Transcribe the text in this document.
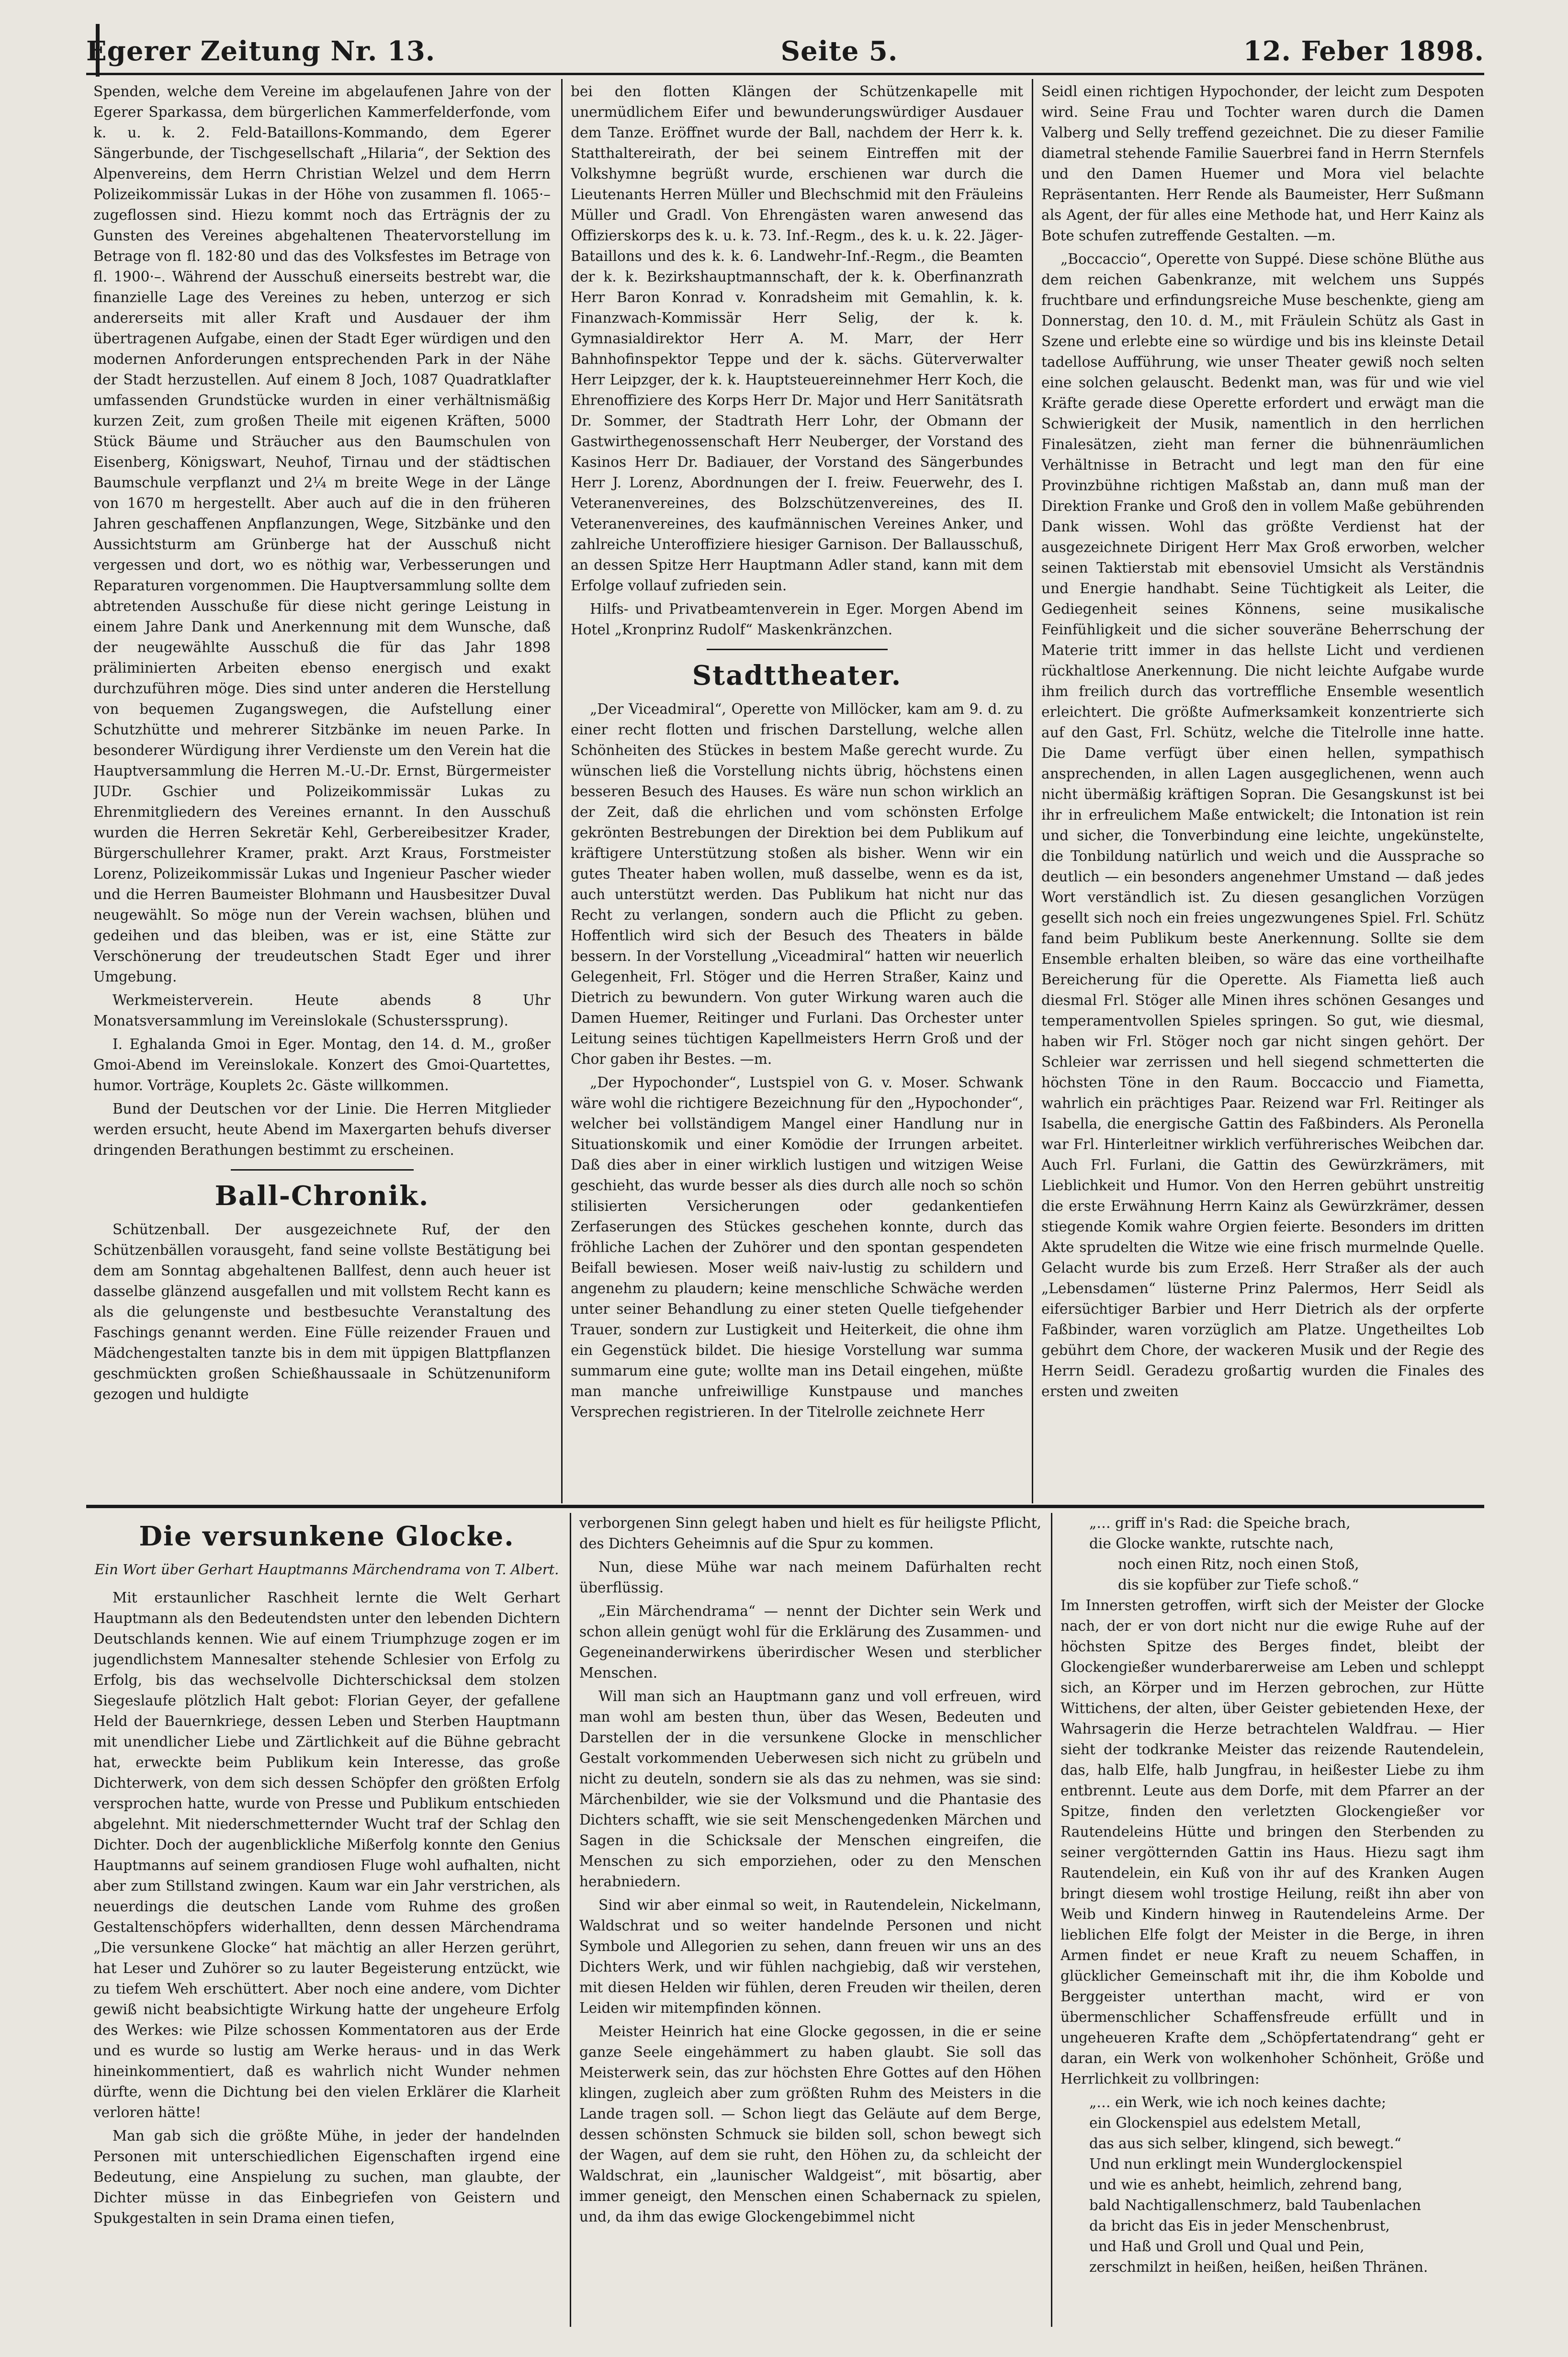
Egerer Zeitung Nr. 13.	Seite 5.	12. Feber 1898.

Spenden, welche dem Vereine im abgelaufenen Jahre von der Egerer Sparkassa, dem bürgerlichen Kammerfelderfonde, vom k. u. k. 2. Feld-Bataillons-Kommando, dem Egerer Sängerbunde, der Tischgesellschaft „Hilaria“, der Sektion des Alpenvereins, dem Herrn Christian Welzel und dem Herrn Polizeikommissär Lukas in der Höhe von zusammen fl. 1065·– zugeflossen sind. Hiezu kommt noch das Erträgnis der zu Gunsten des Vereines abgehaltenen Theatervorstellung im Betrage von fl. 182·80 und das des Volksfestes im Betrage von fl. 1900·–. Während der Ausschuß einerseits bestrebt war, die finanzielle Lage des Vereines zu heben, unterzog er sich andererseits mit aller Kraft und Ausdauer der ihm übertragenen Aufgabe, einen der Stadt Eger würdigen und den modernen Anforderungen entsprechenden Park in der Nähe der Stadt herzustellen. Auf einem 8 Joch, 1087 Quadratklafter umfassenden Grundstücke wurden in einer verhältnismäßig kurzen Zeit, zum großen Theile mit eigenen Kräften, 5000 Stück Bäume und Sträucher aus den Baumschulen von Eisenberg, Königswart, Neuhof, Tirnau und der städtischen Baumschule verpflanzt und 2¼ m breite Wege in der Länge von 1670 m hergestellt. Aber auch auf die in den früheren Jahren geschaffenen Anpflanzungen, Wege, Sitzbänke und den Aussichtsturm am Grünberge hat der Ausschuß nicht vergessen und dort, wo es nöthig war, Verbesserungen und Reparaturen vorgenommen. Die Hauptversammlung sollte dem abtretenden Ausschuße für diese nicht geringe Leistung in einem Jahre Dank und Anerkennung mit dem Wunsche, daß der neugewählte Ausschuß die für das Jahr 1898 präliminierten Arbeiten ebenso energisch und exakt durchzuführen möge. Dies sind unter anderen die Herstellung von bequemen Zugangswegen, die Aufstellung einer Schutzhütte und mehrerer Sitzbänke im neuen Parke. In besonderer Würdigung ihrer Verdienste um den Verein hat die Hauptversammlung die Herren M.-U.-Dr. Ernst, Bürgermeister JUDr. Gschier und Polizeikommissär Lukas zu Ehrenmitgliedern des Vereines ernannt. In den Ausschuß wurden die Herren Sekretär Kehl, Gerbereibesitzer Krader, Bürgerschullehrer Kramer, prakt. Arzt Kraus, Forstmeister Lorenz, Polizeikommissär Lukas und Ingenieur Pascher wieder und die Herren Baumeister Blohmann und Hausbesitzer Duval neugewählt. So möge nun der Verein wachsen, blühen und gedeihen und das bleiben, was er ist, eine Stätte zur Verschönerung der treudeutschen Stadt Eger und ihrer Umgebung.

Werkmeisterverein. Heute abends 8 Uhr Monatsversammlung im Vereinslokale (Schusterssprung).

I. Eghalanda Gmoi in Eger. Montag, den 14. d. M., großer Gmoi-Abend im Vereinslokale. Konzert des Gmoi-Quartettes, humor. Vorträge, Kouplets 2c. Gäste willkommen.

Bund der Deutschen vor der Linie. Die Herren Mitglieder werden ersucht, heute Abend im Maxergarten behufs diverser dringenden Berathungen bestimmt zu erscheinen.

Ball-Chronik.

Schützenball. Der ausgezeichnete Ruf, der den Schützenbällen vorausgeht, fand seine vollste Bestätigung bei dem am Sonntag abgehaltenen Ballfest, denn auch heuer ist dasselbe glänzend ausgefallen und mit vollstem Recht kann es als die gelungenste und bestbesuchte Veranstaltung des Faschings genannt werden. Eine Fülle reizender Frauen und Mädchengestalten tanzte bis in dem mit üppigen Blattpflanzen geschmückten großen Schießhaussaale in Schützenuniform gezogen und huldigte

bei den flotten Klängen der Schützenkapelle mit unermüdlichem Eifer und bewunderungswürdiger Ausdauer dem Tanze. Eröffnet wurde der Ball, nachdem der Herr k. k. Statthaltereirath, der bei seinem Eintreffen mit der Volkshymne begrüßt wurde, erschienen war durch die Lieutenants Herren Müller und Blechschmid mit den Fräuleins Müller und Gradl. Von Ehrengästen waren anwesend das Offizierskorps des k. u. k. 73. Inf.-Regm., des k. u. k. 22. Jäger-Bataillons und des k. k. 6. Landwehr-Inf.-Regm., die Beamten der k. k. Bezirkshauptmannschaft, der k. k. Oberfinanzrath Herr Baron Konrad v. Konradsheim mit Gemahlin, k. k. Finanzwach-Kommissär Herr Selig, der k. k. Gymnasialdirektor Herr A. M. Marr, der Herr Bahnhofinspektor Teppe und der k. sächs. Güterverwalter Herr Leipzger, der k. k. Hauptsteuereinnehmer Herr Koch, die Ehrenoffiziere des Korps Herr Dr. Major und Herr Sanitätsrath Dr. Sommer, der Stadtrath Herr Lohr, der Obmann der Gastwirthegenossenschaft Herr Neuberger, der Vorstand des Kasinos Herr Dr. Badiauer, der Vorstand des Sängerbundes Herr J. Lorenz, Abordnungen der I. freiw. Feuerwehr, des I. Veteranenvereines, des Bolzschützenvereines, des II. Veteranenvereines, des kaufmännischen Vereines Anker, und zahlreiche Unteroffiziere hiesiger Garnison. Der Ballausschuß, an dessen Spitze Herr Hauptmann Adler stand, kann mit dem Erfolge vollauf zufrieden sein.

Hilfs- und Privatbeamtenverein in Eger. Morgen Abend im Hotel „Kronprinz Rudolf“ Maskenkränzchen.

Stadttheater.

„Der Viceadmiral“, Operette von Millöcker, kam am 9. d. zu einer recht flotten und frischen Darstellung, welche allen Schönheiten des Stückes in bestem Maße gerecht wurde. Zu wünschen ließ die Vorstellung nichts übrig, höchstens einen besseren Besuch des Hauses. Es wäre nun schon wirklich an der Zeit, daß die ehrlichen und vom schönsten Erfolge gekrönten Bestrebungen der Direktion bei dem Publikum auf kräftigere Unterstützung stoßen als bisher. Wenn wir ein gutes Theater haben wollen, muß dasselbe, wenn es da ist, auch unterstützt werden. Das Publikum hat nicht nur das Recht zu verlangen, sondern auch die Pflicht zu geben. Hoffentlich wird sich der Besuch des Theaters in bälde bessern. In der Vorstellung „Viceadmiral“ hatten wir neuerlich Gelegenheit, Frl. Stöger und die Herren Straßer, Kainz und Dietrich zu bewundern. Von guter Wirkung waren auch die Damen Huemer, Reitinger und Furlani. Das Orchester unter Leitung seines tüchtigen Kapellmeisters Herrn Groß und der Chor gaben ihr Bestes. —m.

„Der Hypochonder“, Lustspiel von G. v. Moser. Schwank wäre wohl die richtigere Bezeichnung für den „Hypochonder“, welcher bei vollständigem Mangel einer Handlung nur in Situationskomik und einer Komödie der Irrungen arbeitet. Daß dies aber in einer wirklich lustigen und witzigen Weise geschieht, das wurde besser als dies durch alle noch so schön stilisierten Versicherungen oder gedankentiefen Zerfaserungen des Stückes geschehen konnte, durch das fröhliche Lachen der Zuhörer und den spontan gespendeten Beifall bewiesen. Moser weiß naiv-lustig zu schildern und angenehm zu plaudern; keine menschliche Schwäche werden unter seiner Behandlung zu einer steten Quelle tiefgehender Trauer, sondern zur Lustigkeit und Heiterkeit, die ohne ihm ein Gegenstück bildet. Die hiesige Vorstellung war summa summarum eine gute; wollte man ins Detail eingehen, müßte man manche unfreiwillige Kunstpause und manches Versprechen registrieren. In der Titelrolle zeichnete Herr

Seidl einen richtigen Hypochonder, der leicht zum Despoten wird. Seine Frau und Tochter waren durch die Damen Valberg und Selly treffend gezeichnet. Die zu dieser Familie diametral stehende Familie Sauerbrei fand in Herrn Sternfels und den Damen Huemer und Mora viel belachte Repräsentanten. Herr Rende als Baumeister, Herr Sußmann als Agent, der für alles eine Methode hat, und Herr Kainz als Bote schufen zutreffende Gestalten. —m.

„Boccaccio“, Operette von Suppé. Diese schöne Blüthe aus dem reichen Gabenkranze, mit welchem uns Suppés fruchtbare und erfindungsreiche Muse beschenkte, gieng am Donnerstag, den 10. d. M., mit Fräulein Schütz als Gast in Szene und erlebte eine so würdige und bis ins kleinste Detail tadellose Aufführung, wie unser Theater gewiß noch selten eine solchen gelauscht. Bedenkt man, was für und wie viel Kräfte gerade diese Operette erfordert und erwägt man die Schwierigkeit der Musik, namentlich in den herrlichen Finalesätzen, zieht man ferner die bühnenräumlichen Verhältnisse in Betracht und legt man den für eine Provinzbühne richtigen Maßstab an, dann muß man der Direktion Franke und Groß den in vollem Maße gebührenden Dank wissen. Wohl das größte Verdienst hat der ausgezeichnete Dirigent Herr Max Groß erworben, welcher seinen Taktierstab mit ebensoviel Umsicht als Verständnis und Energie handhabt. Seine Tüchtigkeit als Leiter, die Gediegenheit seines Könnens, seine musikalische Feinfühligkeit und die sicher souveräne Beherrschung der Materie tritt immer in das hellste Licht und verdienen rückhaltlose Anerkennung. Die nicht leichte Aufgabe wurde ihm freilich durch das vortreffliche Ensemble wesentlich erleichtert. Die größte Aufmerksamkeit konzentrierte sich auf den Gast, Frl. Schütz, welche die Titelrolle inne hatte. Die Dame verfügt über einen hellen, sympathisch ansprechenden, in allen Lagen ausgeglichenen, wenn auch nicht übermäßig kräftigen Sopran. Die Gesangskunst ist bei ihr in erfreulichem Maße entwickelt; die Intonation ist rein und sicher, die Tonverbindung eine leichte, ungekünstelte, die Tonbildung natürlich und weich und die Aussprache so deutlich — ein besonders angenehmer Umstand — daß jedes Wort verständlich ist. Zu diesen gesanglichen Vorzügen gesellt sich noch ein freies ungezwungenes Spiel. Frl. Schütz fand beim Publikum beste Anerkennung. Sollte sie dem Ensemble erhalten bleiben, so wäre das eine vortheilhafte Bereicherung für die Operette. Als Fiametta ließ auch diesmal Frl. Stöger alle Minen ihres schönen Gesanges und temperamentvollen Spieles springen. So gut, wie diesmal, haben wir Frl. Stöger noch gar nicht singen gehört. Der Schleier war zerrissen und hell siegend schmetterten die höchsten Töne in den Raum. Boccaccio und Fiametta, wahrlich ein prächtiges Paar. Reizend war Frl. Reitinger als Isabella, die energische Gattin des Faßbinders. Als Peronella war Frl. Hinterleitner wirklich verführerisches Weibchen dar. Auch Frl. Furlani, die Gattin des Gewürzkrämers, mit Lieblichkeit und Humor. Von den Herren gebührt unstreitig die erste Erwähnung Herrn Kainz als Gewürzkrämer, dessen stiegende Komik wahre Orgien feierte. Besonders im dritten Akte sprudelten die Witze wie eine frisch murmelnde Quelle. Gelacht wurde bis zum Erzeß. Herr Straßer als der auch „Lebensdamen“ lüsterne Prinz Palermos, Herr Seidl als eifersüchtiger Barbier und Herr Dietrich als der orpferte Faßbinder, waren vorzüglich am Platze. Ungetheiltes Lob gebührt dem Chore, der wackeren Musik und der Regie des Herrn Seidl. Geradezu großartig wurden die Finales des ersten und zweiten

Die versunkene Glocke.
Ein Wort über Gerhart Hauptmanns Märchendrama von T. Albert.

Mit erstaunlicher Raschheit lernte die Welt Gerhart Hauptmann als den Bedeutendsten unter den lebenden Dichtern Deutschlands kennen. Wie auf einem Triumphzuge zogen er im jugendlichstem Mannesalter stehende Schlesier von Erfolg zu Erfolg, bis das wechselvolle Dichterschicksal dem stolzen Siegeslaufe plötzlich Halt gebot: Florian Geyer, der gefallene Held der Bauernkriege, dessen Leben und Sterben Hauptmann mit unendlicher Liebe und Zärtlichkeit auf die Bühne gebracht hat, erweckte beim Publikum kein Interesse, das große Dichterwerk, von dem sich dessen Schöpfer den größten Erfolg versprochen hatte, wurde von Presse und Publikum entschieden abgelehnt. Mit niederschmetternder Wucht traf der Schlag den Dichter. Doch der augenblickliche Mißerfolg konnte den Genius Hauptmanns auf seinem grandiosen Fluge wohl aufhalten, nicht aber zum Stillstand zwingen. Kaum war ein Jahr verstrichen, als neuerdings die deutschen Lande vom Ruhme des großen Gestaltenschöpfers widerhallten, denn dessen Märchendrama „Die versunkene Glocke“ hat mächtig an aller Herzen gerührt, hat Leser und Zuhörer so zu lauter Begeisterung entzückt, wie zu tiefem Weh erschüttert. Aber noch eine andere, vom Dichter gewiß nicht beabsichtigte Wirkung hatte der ungeheure Erfolg des Werkes: wie Pilze schossen Kommentatoren aus der Erde und es wurde so lustig am Werke heraus- und in das Werk hineinkommentiert, daß es wahrlich nicht Wunder nehmen dürfte, wenn die Dichtung bei den vielen Erklärer die Klarheit verloren hätte!

Man gab sich die größte Mühe, in jeder der handelnden Personen mit unterschiedlichen Eigenschaften irgend eine Bedeutung, eine Anspielung zu suchen, man glaubte, der Dichter müsse in das Einbegriefen von Geistern und Spukgestalten in sein Drama einen tiefen,

verborgenen Sinn gelegt haben und hielt es für heiligste Pflicht, des Dichters Geheimnis auf die Spur zu kommen.

Nun, diese Mühe war nach meinem Dafürhalten recht überflüssig.

„Ein Märchendrama“ — nennt der Dichter sein Werk und schon allein genügt wohl für die Erklärung des Zusammen- und Gegeneinanderwirkens überirdischer Wesen und sterblicher Menschen.

Will man sich an Hauptmann ganz und voll erfreuen, wird man wohl am besten thun, über das Wesen, Bedeuten und Darstellen der in die versunkene Glocke in menschlicher Gestalt vorkommenden Ueberwesen sich nicht zu grübeln und nicht zu deuteln, sondern sie als das zu nehmen, was sie sind: Märchenbilder, wie sie der Volksmund und die Phantasie des Dichters schafft, wie sie seit Menschengedenken Märchen und Sagen in die Schicksale der Menschen eingreifen, die Menschen zu sich emporziehen, oder zu den Menschen herabniedern.

Sind wir aber einmal so weit, in Rautendelein, Nickelmann, Waldschrat und so weiter handelnde Personen und nicht Symbole und Allegorien zu sehen, dann freuen wir uns an des Dichters Werk, und wir fühlen nachgiebig, daß wir verstehen, mit diesen Helden wir fühlen, deren Freuden wir theilen, deren Leiden wir mitempfinden können.

Meister Heinrich hat eine Glocke gegossen, in die er seine ganze Seele eingehämmert zu haben glaubt. Sie soll das Meisterwerk sein, das zur höchsten Ehre Gottes auf den Höhen klingen, zugleich aber zum größten Ruhm des Meisters in die Lande tragen soll. — Schon liegt das Geläute auf dem Berge, dessen schönsten Schmuck sie bilden soll, schon bewegt sich der Wagen, auf dem sie ruht, den Höhen zu, da schleicht der Waldschrat, ein „launischer Waldgeist“, mit bösartig, aber immer geneigt, den Menschen einen Schabernack zu spielen, und, da ihm das ewige Glockengebimmel nicht

„… griff in's Rad: die Speiche brach,

die Glocke wankte, rutschte nach,

noch einen Ritz, noch einen Stoß,

dis sie kopfüber zur Tiefe schoß.“

Im Innersten getroffen, wirft sich der Meister der Glocke nach, der er von dort nicht nur die ewige Ruhe auf der höchsten Spitze des Berges findet, bleibt der Glockengießer wunderbarerweise am Leben und schleppt sich, an Körper und im Herzen gebrochen, zur Hütte Wittichens, der alten, über Geister gebietenden Hexe, der Wahrsagerin die Herze betrachtelen Waldfrau. — Hier sieht der todkranke Meister das reizende Rautendelein, das, halb Elfe, halb Jungfrau, in heißester Liebe zu ihm entbrennt. Leute aus dem Dorfe, mit dem Pfarrer an der Spitze, finden den verletzten Glockengießer vor Rautendeleins Hütte und bringen den Sterbenden zu seiner vergötternden Gattin ins Haus. Hiezu sagt ihm Rautendelein, ein Kuß von ihr auf des Kranken Augen bringt diesem wohl trostige Heilung, reißt ihn aber von Weib und Kindern hinweg in Rautendeleins Arme. Der lieblichen Elfe folgt der Meister in die Berge, in ihren Armen findet er neue Kraft zu neuem Schaffen, in glücklicher Gemeinschaft mit ihr, die ihm Kobolde und Berggeister unterthan macht, wird er von übermenschlicher Schaffensfreude erfüllt und in ungeheueren Krafte dem „Schöpfertatendrang“ geht er daran, ein Werk von wolkenhoher Schönheit, Größe und Herrlichkeit zu vollbringen:

„… ein Werk, wie ich noch keines dachte;

ein Glockenspiel aus edelstem Metall,

das aus sich selber, klingend, sich bewegt.“

Und nun erklingt mein Wunderglockenspiel

und wie es anhebt, heimlich, zehrend bang,

bald Nachtigallenschmerz, bald Taubenlachen

da bricht das Eis in jeder Menschenbrust,

und Haß und Groll und Qual und Pein,

zerschmilzt in heißen, heißen, heißen Thränen.
